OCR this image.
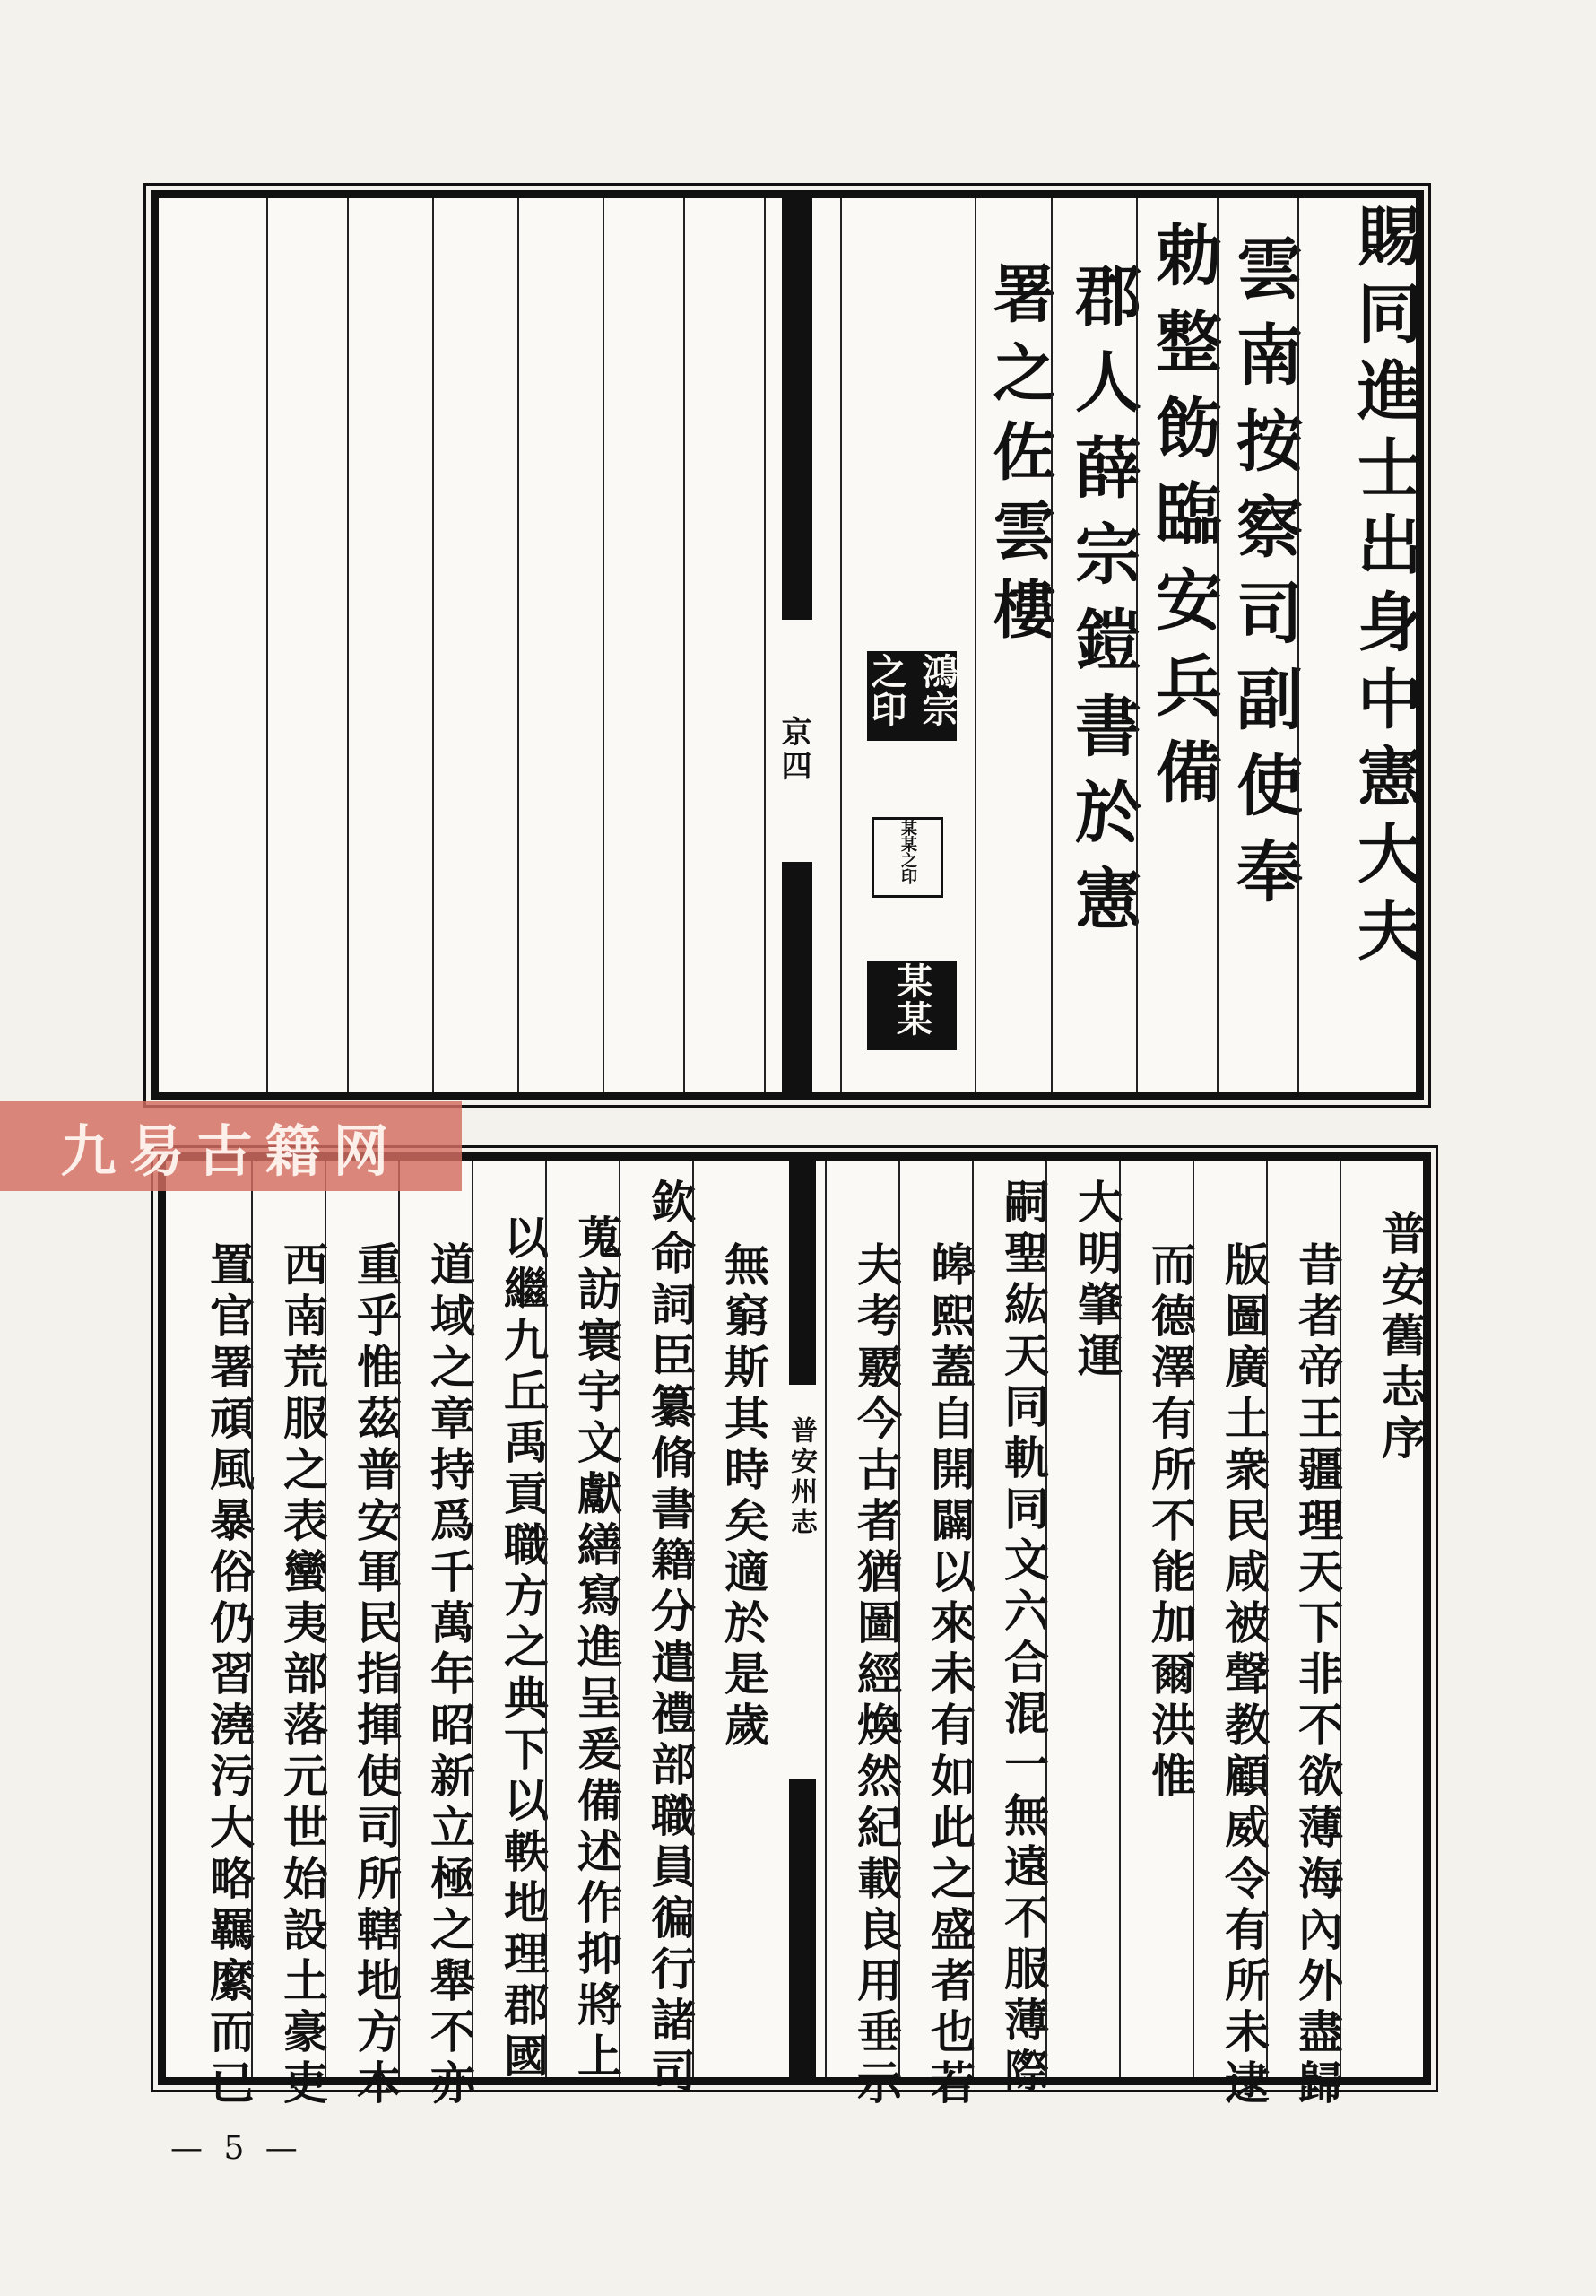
京四
署之佐雲樓 郡人薛宗鎧書於憲 勅整飭臨安兵備 雲南按察司副使奉 賜同進士出身中憲大夫
鴻宗之印
某某之印
某某
置官署頑風暴俗仍習澆污大略羈縻而已 西南荒服之表蠻夷部落元世始設土豪吏 重乎惟茲普安軍民指揮使司所轄地方本 道域之章持爲千萬年昭新立極之舉不亦 以繼九丘禹貢職方之典下以軼地理郡國 蒐訪寰宇文獻繕寫進呈爰備述作抑將上 欽命詞臣纂脩書籍分遣禮部職員徧行諸司 無窮斯其時矣適於是歲 普安州志 夫考覈今古者猶圖經煥然紀載良用垂示 皞熙蓋自開闢以來未有如此之盛者也若 嗣聖紘天同軌同文六合混一無遠不服薄際 大明肇運 而德澤有所不能加爾洪惟 版圖廣土衆民咸被聲教顧威令有所未逮 昔者帝王疆理天下非不欲薄海內外盡歸 普安舊志序
九易古籍网
— 5 —
